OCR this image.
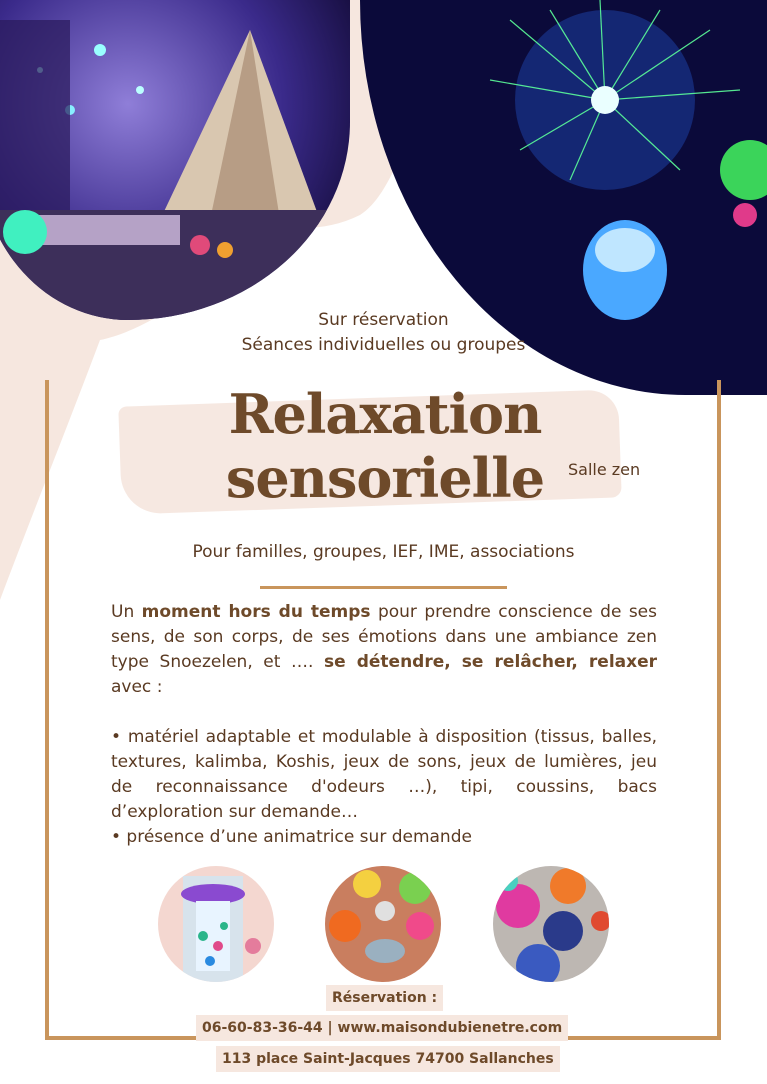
Sur réservation
Séances individuelles ou groupes
Relaxation
sensorielle	Salle zen
Pour familles, groupes, IEF, IME, associations

Un moment hors du temps pour prendre conscience de ses sens, de son corps, de ses émotions dans une ambiance zen type Snoezelen, et …. se détendre, se relâcher, relaxer avec :

• matériel adaptable et modulable à disposition (tissus, balles, textures, kalimba, Koshis, jeux de sons, jeux de lumières, jeu de reconnaissance d'odeurs …), tipi, coussins, bacs d’exploration sur demande…

• présence d’une animatrice sur demande

Réservation :
06-60-83-36-44 | www.maisondubienetre.com
113 place Saint-Jacques 74700 Sallanches
